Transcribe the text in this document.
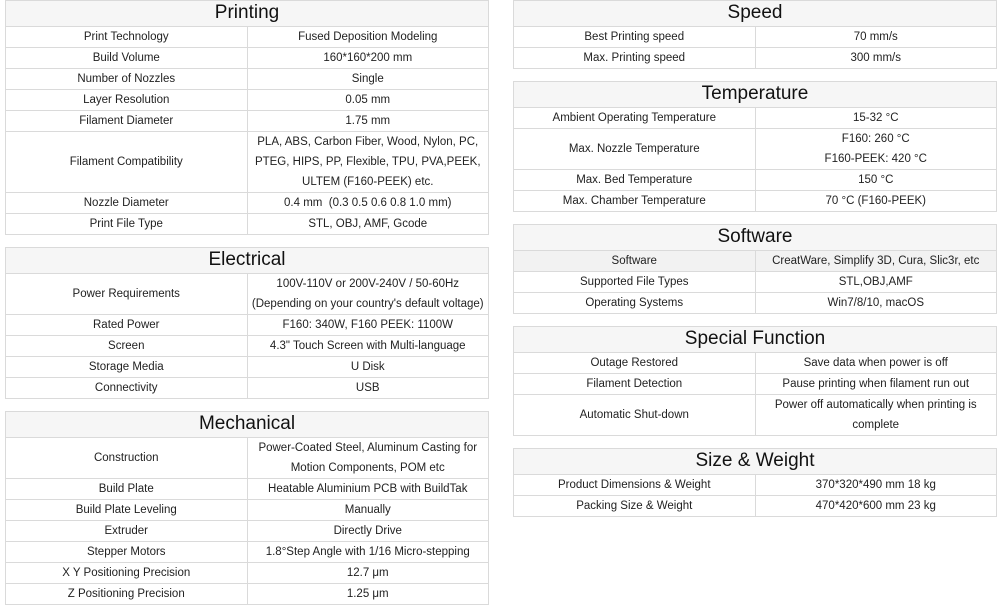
Printing	
Print Technology	Fused Deposition Modeling
Build Volume	160*160*200 mm
Number of Nozzles	Single
Layer Resolution	0.05 mm
Filament Diameter	1.75 mm
Filament Compatibility	PLA, ABS, Carbon Fiber, Wood, Nylon, PC, PTEG, HIPS, PP, Flexible, TPU, PVA,PEEK, ULTEM (F160-PEEK) etc.
Nozzle Diameter	0.4 mm  (0.3 0.5 0.6 0.8 1.0 mm)
Print File Type	STL, OBJ, AMF, Gcode
Electrical	
Power Requirements	100V-110V or 200V-240V / 50-60Hz
(Depending on your country's default voltage)

Rated Power	F160: 340W, F160 PEEK: 1100W
Screen	4.3" Touch Screen with Multi-language
Storage Media	U Disk
Connectivity	USB
Mechanical	
Construction	Power-Coated Steel, Aluminum Casting for Motion Components, POM etc
Build Plate	Heatable Aluminium PCB with BuildTak
Build Plate Leveling	Manually
Extruder	Directly Drive
Stepper Motors	1.8°Step Angle with 1/16 Micro-stepping
X Y Positioning Precision	12.7 μm
Z Positioning Precision	1.25 μm
Speed	
Best Printing speed	70 mm/s
Max. Printing speed	300 mm/s
Temperature	
Ambient Operating Temperature	15-32 °C
Max. Nozzle Temperature	F160: 260 °C
F160-PEEK: 420 °C

Max. Bed Temperature	150 °C
Max. Chamber Temperature	70 °C (F160-PEEK)
Software	
Software	CreatWare, Simplify 3D, Cura, Slic3r, etc
Supported File Types	STL,OBJ,AMF
Operating Systems	Win7/8/10, macOS
Special Function	
Outage Restored	Save data when power is off
Filament Detection	Pause printing when filament run out
Automatic Shut-down	Power off automatically when printing is complete
Size & Weight	
Product Dimensions & Weight	370*320*490 mm 18 kg
Packing Size & Weight	470*420*600 mm 23 kg
